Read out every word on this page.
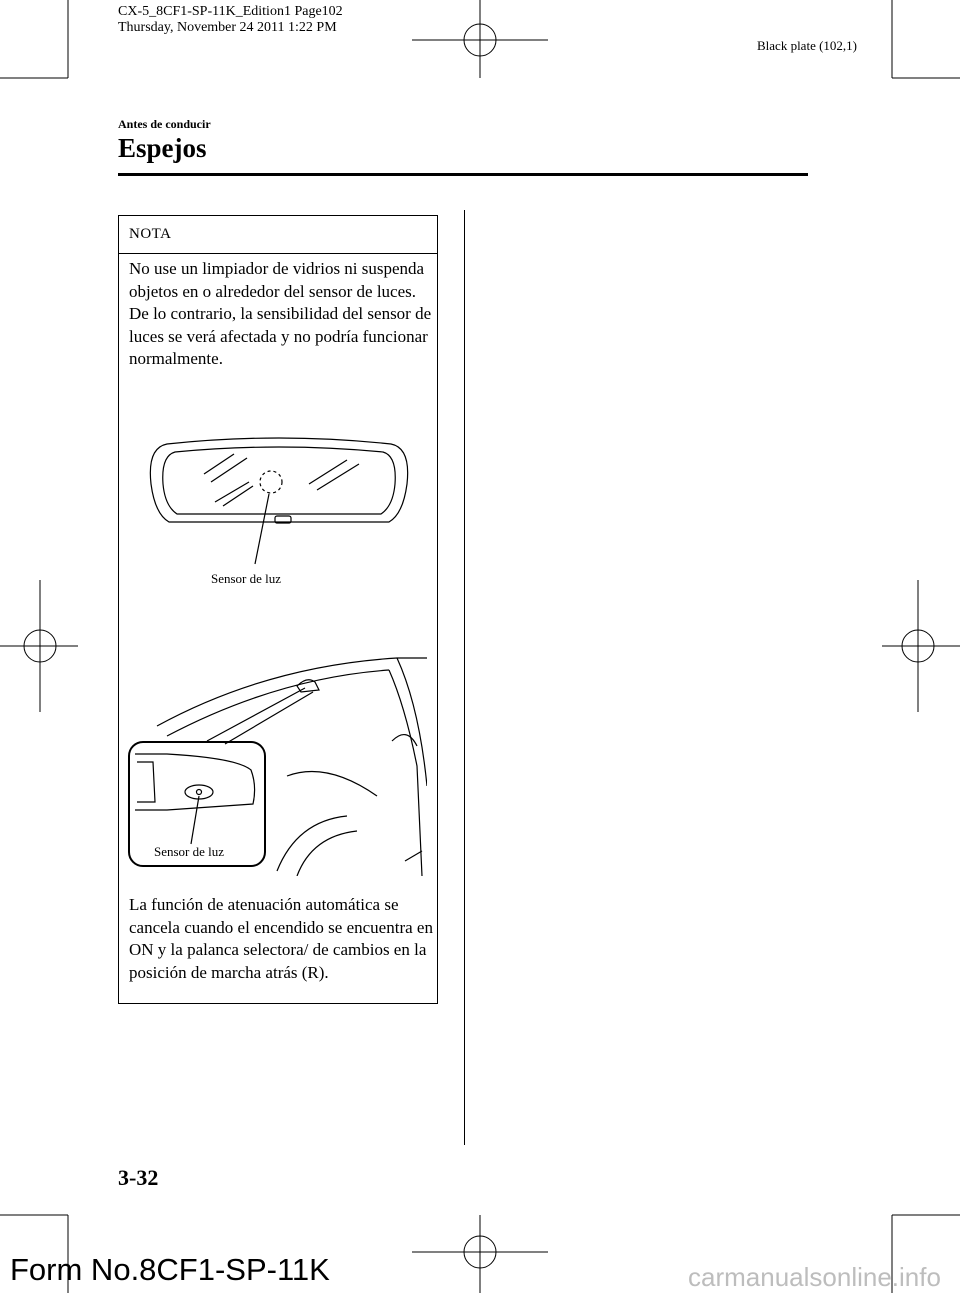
CX-5_8CF1-SP-11K_Edition1 Page102
Thursday, November 24 2011 1:22 PM
Black plate (102,1)
Antes de conducir
Espejos
NOTA
No use un limpiador de vidrios ni suspenda objetos en o alrededor del sensor de luces. De lo contrario, la sensibilidad del sensor de luces se verá afectada y no podría funcionar normalmente.
Sensor de luz
Sensor de luz
La función de atenuación automática se cancela cuando el encendido se encuentra en ON y la palanca selectora/ de cambios en la posición de marcha atrás (R).
3-32
Form No.8CF1-SP-11K	carmanualsonline.info
